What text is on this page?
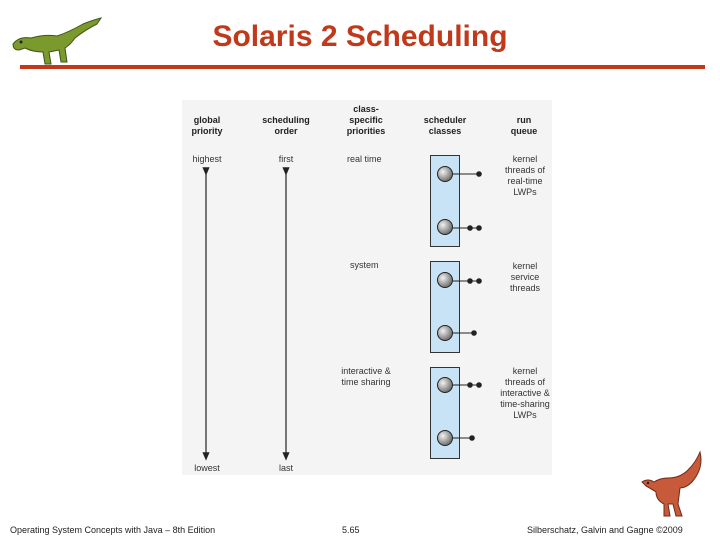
Solaris 2 Scheduling
global
priority
scheduling
order
class-
specific
priorities
scheduler
classes
run
queue
highest
lowest
first
last
real time
system
interactive &
time sharing
kernel
threads of
real-time
LWPs
kernel
service
threads
kernel
threads of
interactive &
time-sharing
LWPs
Operating System Concepts with Java – 8th Edition	5.65	Silberschatz, Galvin and Gagne ©2009
